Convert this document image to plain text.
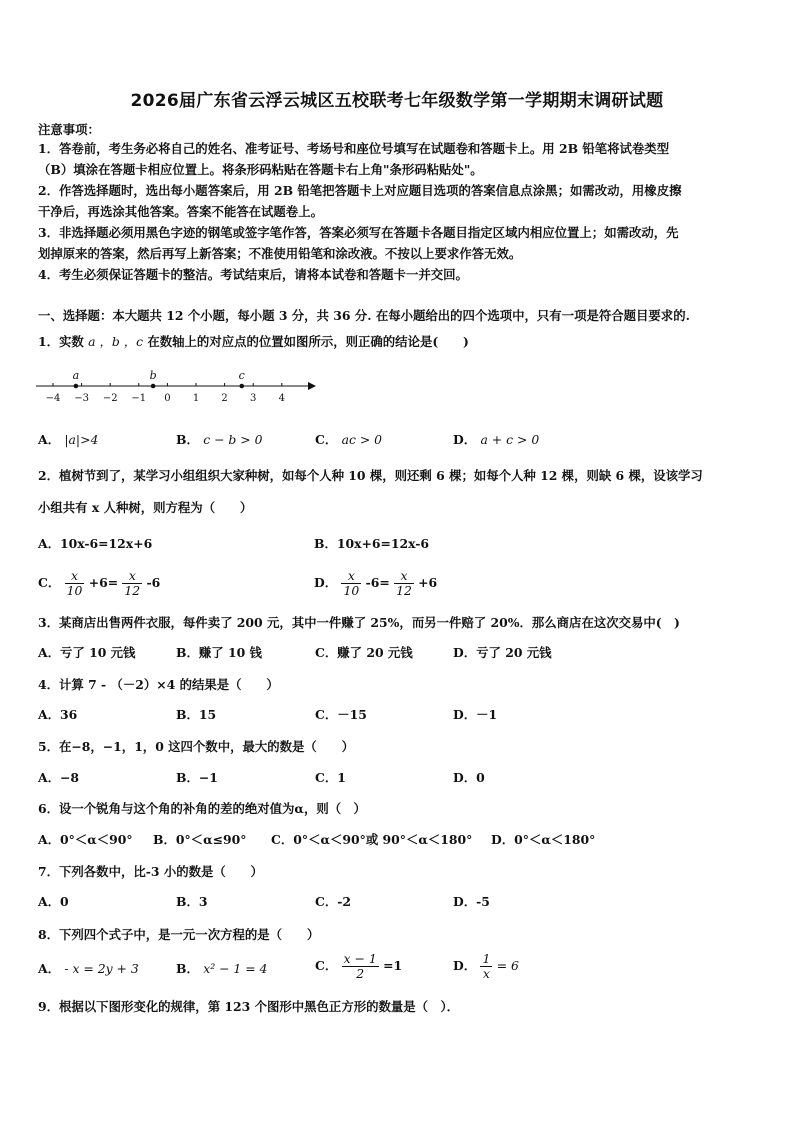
2026届广东省云浮云城区五校联考七年级数学第一学期期末调研试题
注意事项：
1．答卷前，考生务必将自己的姓名、准考证号、考场号和座位号填写在试题卷和答题卡上。用 2B 铅笔将试卷类型
（B）填涂在答题卡相应位置上。将条形码粘贴在答题卡右上角"条形码粘贴处"。
2．作答选择题时，选出每小题答案后，用 2B 铅笔把答题卡上对应题目选项的答案信息点涂黑；如需改动，用橡皮擦
干净后，再选涂其他答案。答案不能答在试题卷上。
3．非选择题必须用黑色字迹的钢笔或签字笔作答，答案必须写在答题卡各题目指定区域内相应位置上；如需改动，先
划掉原来的答案，然后再写上新答案；不准使用铅笔和涂改液。不按以上要求作答无效。
4．考生必须保证答题卡的整洁。考试结束后，请将本试卷和答题卡一并交回。
一、选择题：本大题共 12 个小题，每小题 3 分，共 36 分. 在每小题给出的四个选项中，只有一项是符合题目要求的.
1．实数 a ，b ，c 在数轴上的对应点的位置如图所示，则正确的结论是(　　)
−4 −3 −2 −1 0 1 2 3 4
a	b	c
A． |a|>4	B． c − b > 0	C． ac > 0	D． a + c > 0
2．植树节到了，某学习小组组织大家种树，如每个人种 10 棵，则还剩 6 棵；如每个人种 12 棵，则缺 6 棵，设该学习
小组共有 x 人种树，则方程为（　　）
A．10x-6=12x+6	B．10x+6=12x-6
C． $\frac{x}{10} +6= \frac{x}{12} -6$	D． $\frac{x}{10} -6= \frac{x}{12} +6$
3．某商店出售两件衣服，每件卖了 200 元，其中一件赚了 25%，而另一件赔了 20%．那么商店在这次交易中(　)
A．亏了 10 元钱	B．赚了 10 钱	C．赚了 20 元钱	D．亏了 20 元钱
4．计算 7 - （－2）×4 的结果是（　　）
A．36	B．15	C．－15	D．－1
5．在−8，−1，1，0 这四个数中，最大的数是（　　）
A．−8	B．−1	C．1	D．0
6．设一个锐角与这个角的补角的差的绝对值为α，则（　）
A．0°＜α＜90° B．0°＜α≤90° C．0°＜α＜90°或 90°＜α＜180° D．0°＜α＜180°
7．下列各数中，比-3 小的数是（　　）
A．0	B．3	C．-2	D．-5
8．下列四个式子中，是一元一次方程的是（　　）
A． - x = 2y + 3	B． x² − 1 = 4	C． $\frac{x - 1}{2} =1$	D． $\frac{1}{x} = 6$
9．根据以下图形变化的规律，第 123 个图形中黑色正方形的数量是（　）．
